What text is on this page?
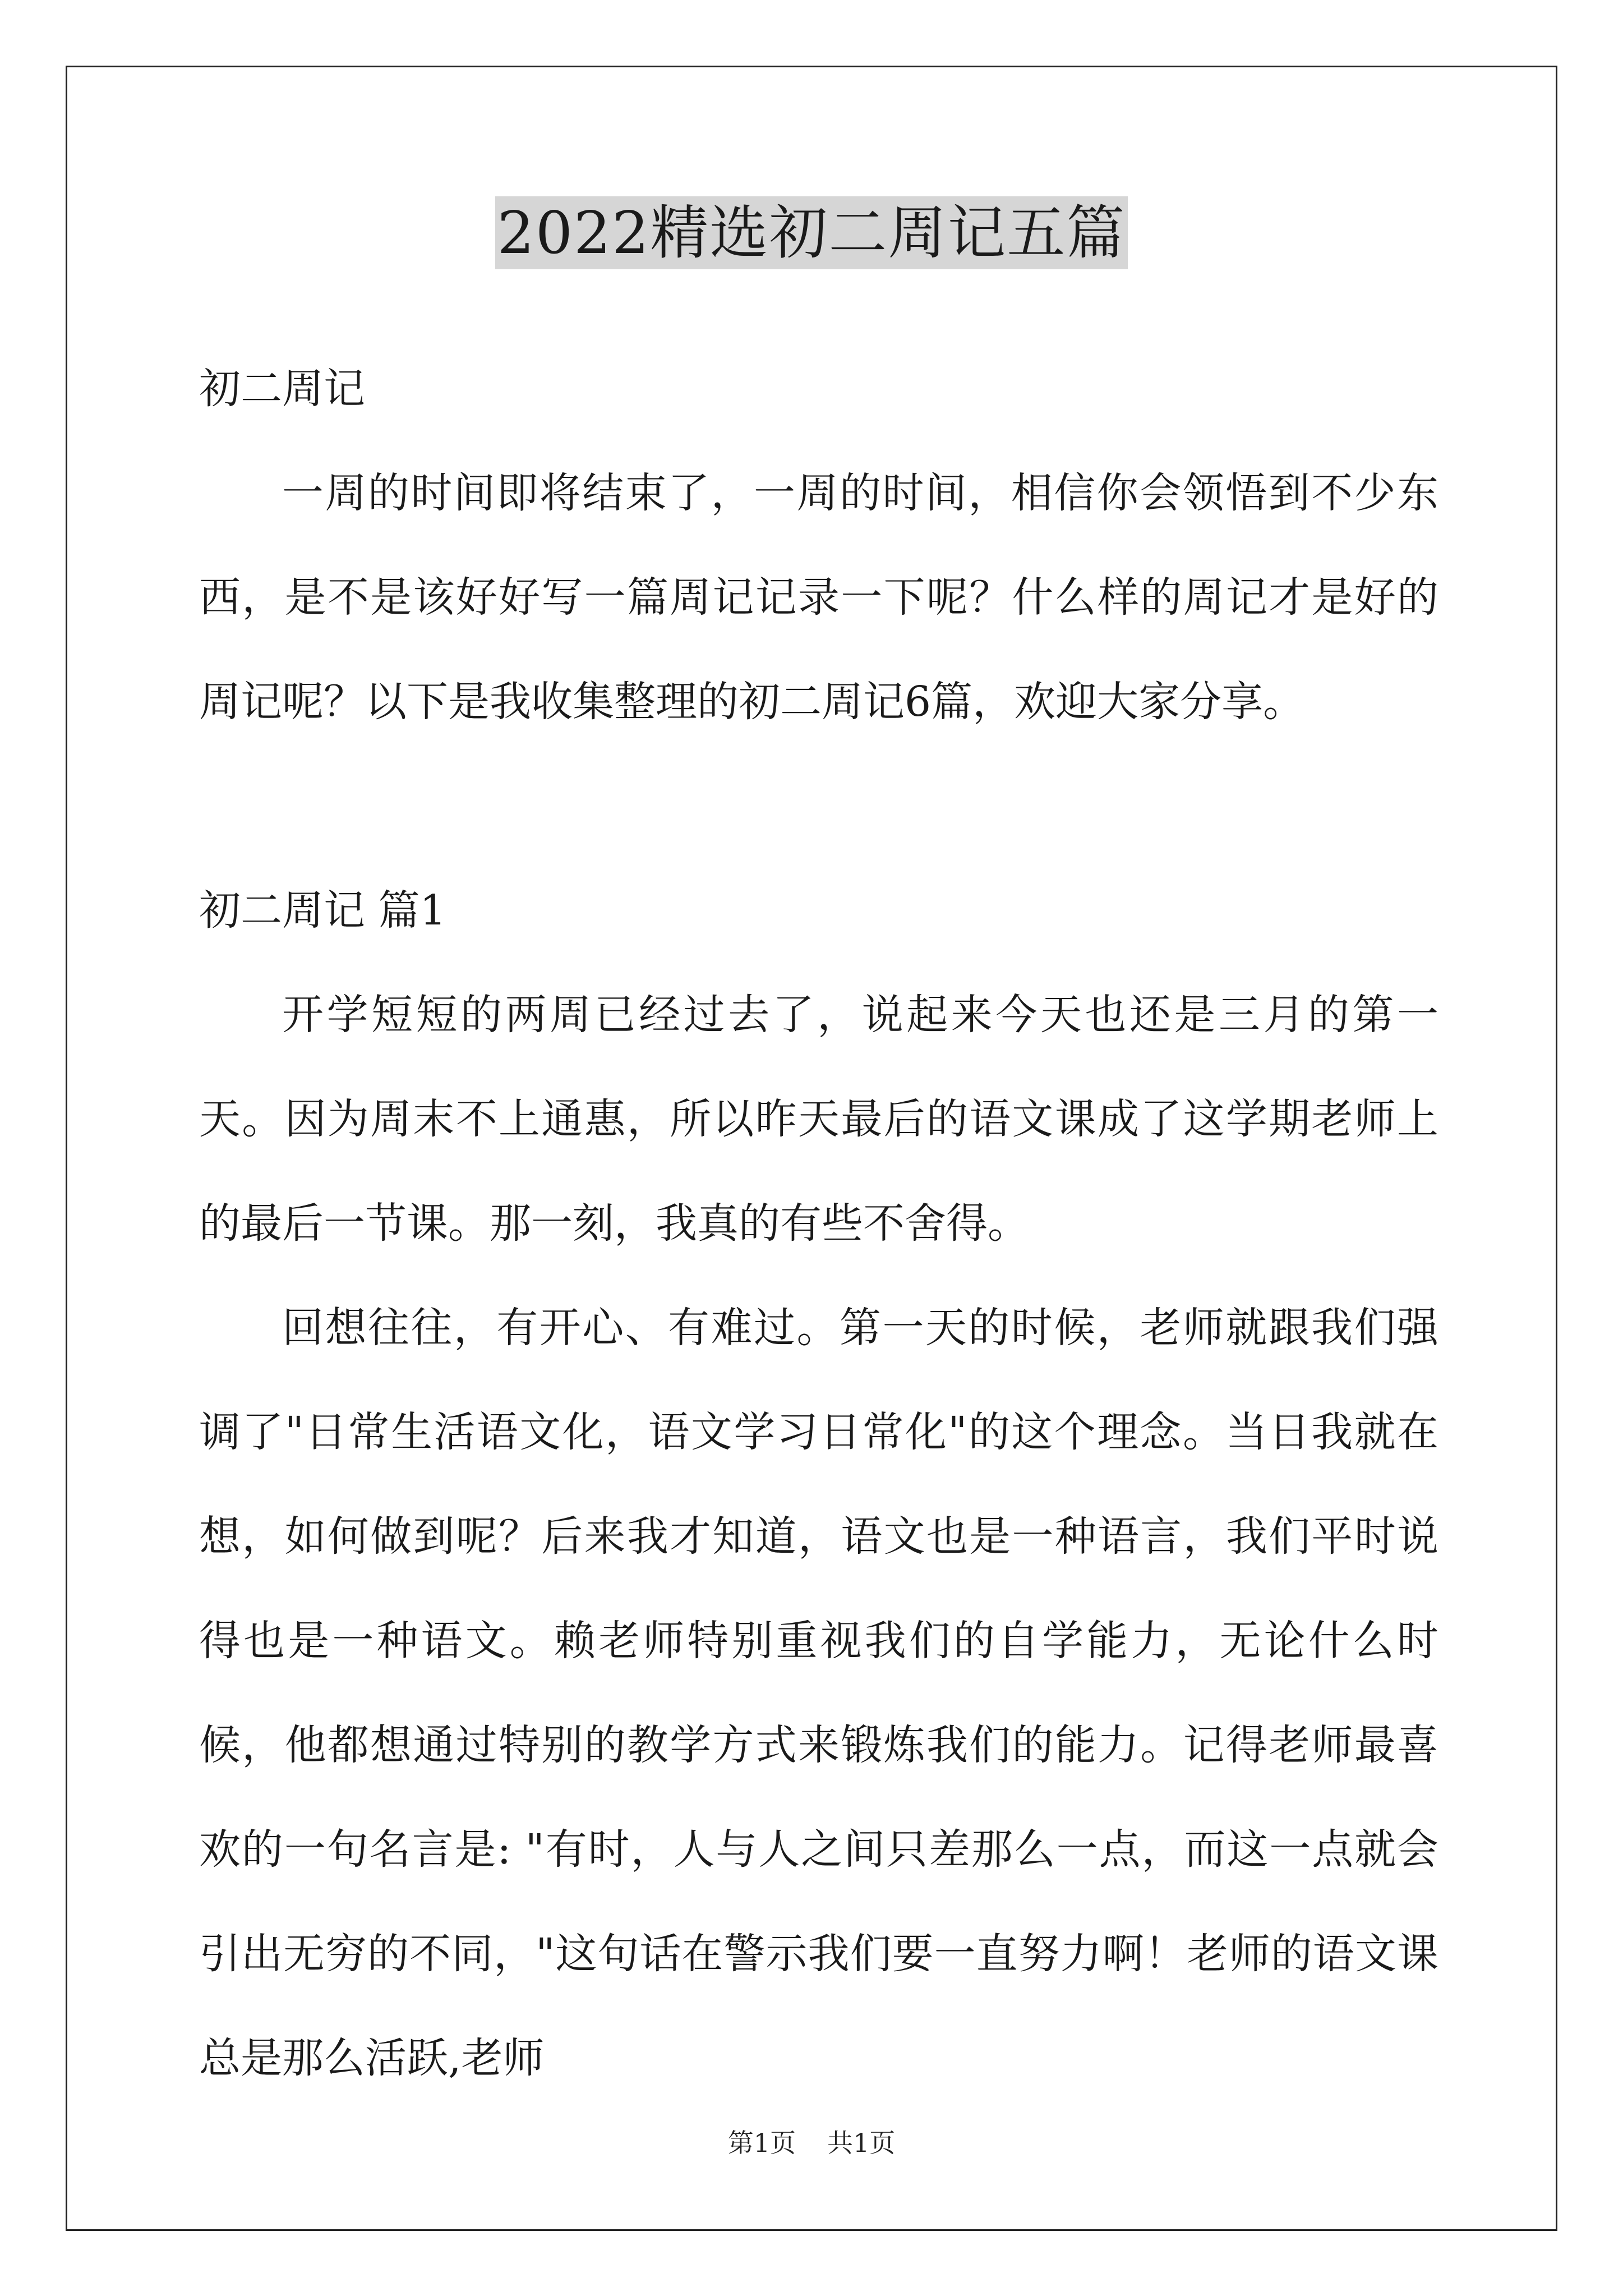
2022精选初二周记五篇

初二周记

一周的时间即将结束了，一周的时间，相信你会领悟到不少东西，是不是该好好写一篇周记记录一下呢？什么样的周记才是好的周记呢？以下是我收集整理的初二周记6篇，欢迎大家分享。

初二周记 篇1

开学短短的两周已经过去了，说起来今天也还是三月的第一天。因为周末不上通惠，所以昨天最后的语文课成了这学期老师上的最后一节课。那一刻，我真的有些不舍得。

回想往往，有开心、有难过。第一天的时候，老师就跟我们强调了"日常生活语文化，语文学习日常化"的这个理念。当日我就在想，如何做到呢？后来我才知道，语文也是一种语言，我们平时说得也是一种语文。赖老师特别重视我们的自学能力，无论什么时候，他都想通过特别的教学方式来锻炼我们的能力。记得老师最喜欢的一句名言是: "有时，人与人之间只差那么一点，而这一点就会引出无穷的不同，"这句话在警示我们要一直努力啊！老师的语文课总是那么活跃,老师

第1页 共1页
